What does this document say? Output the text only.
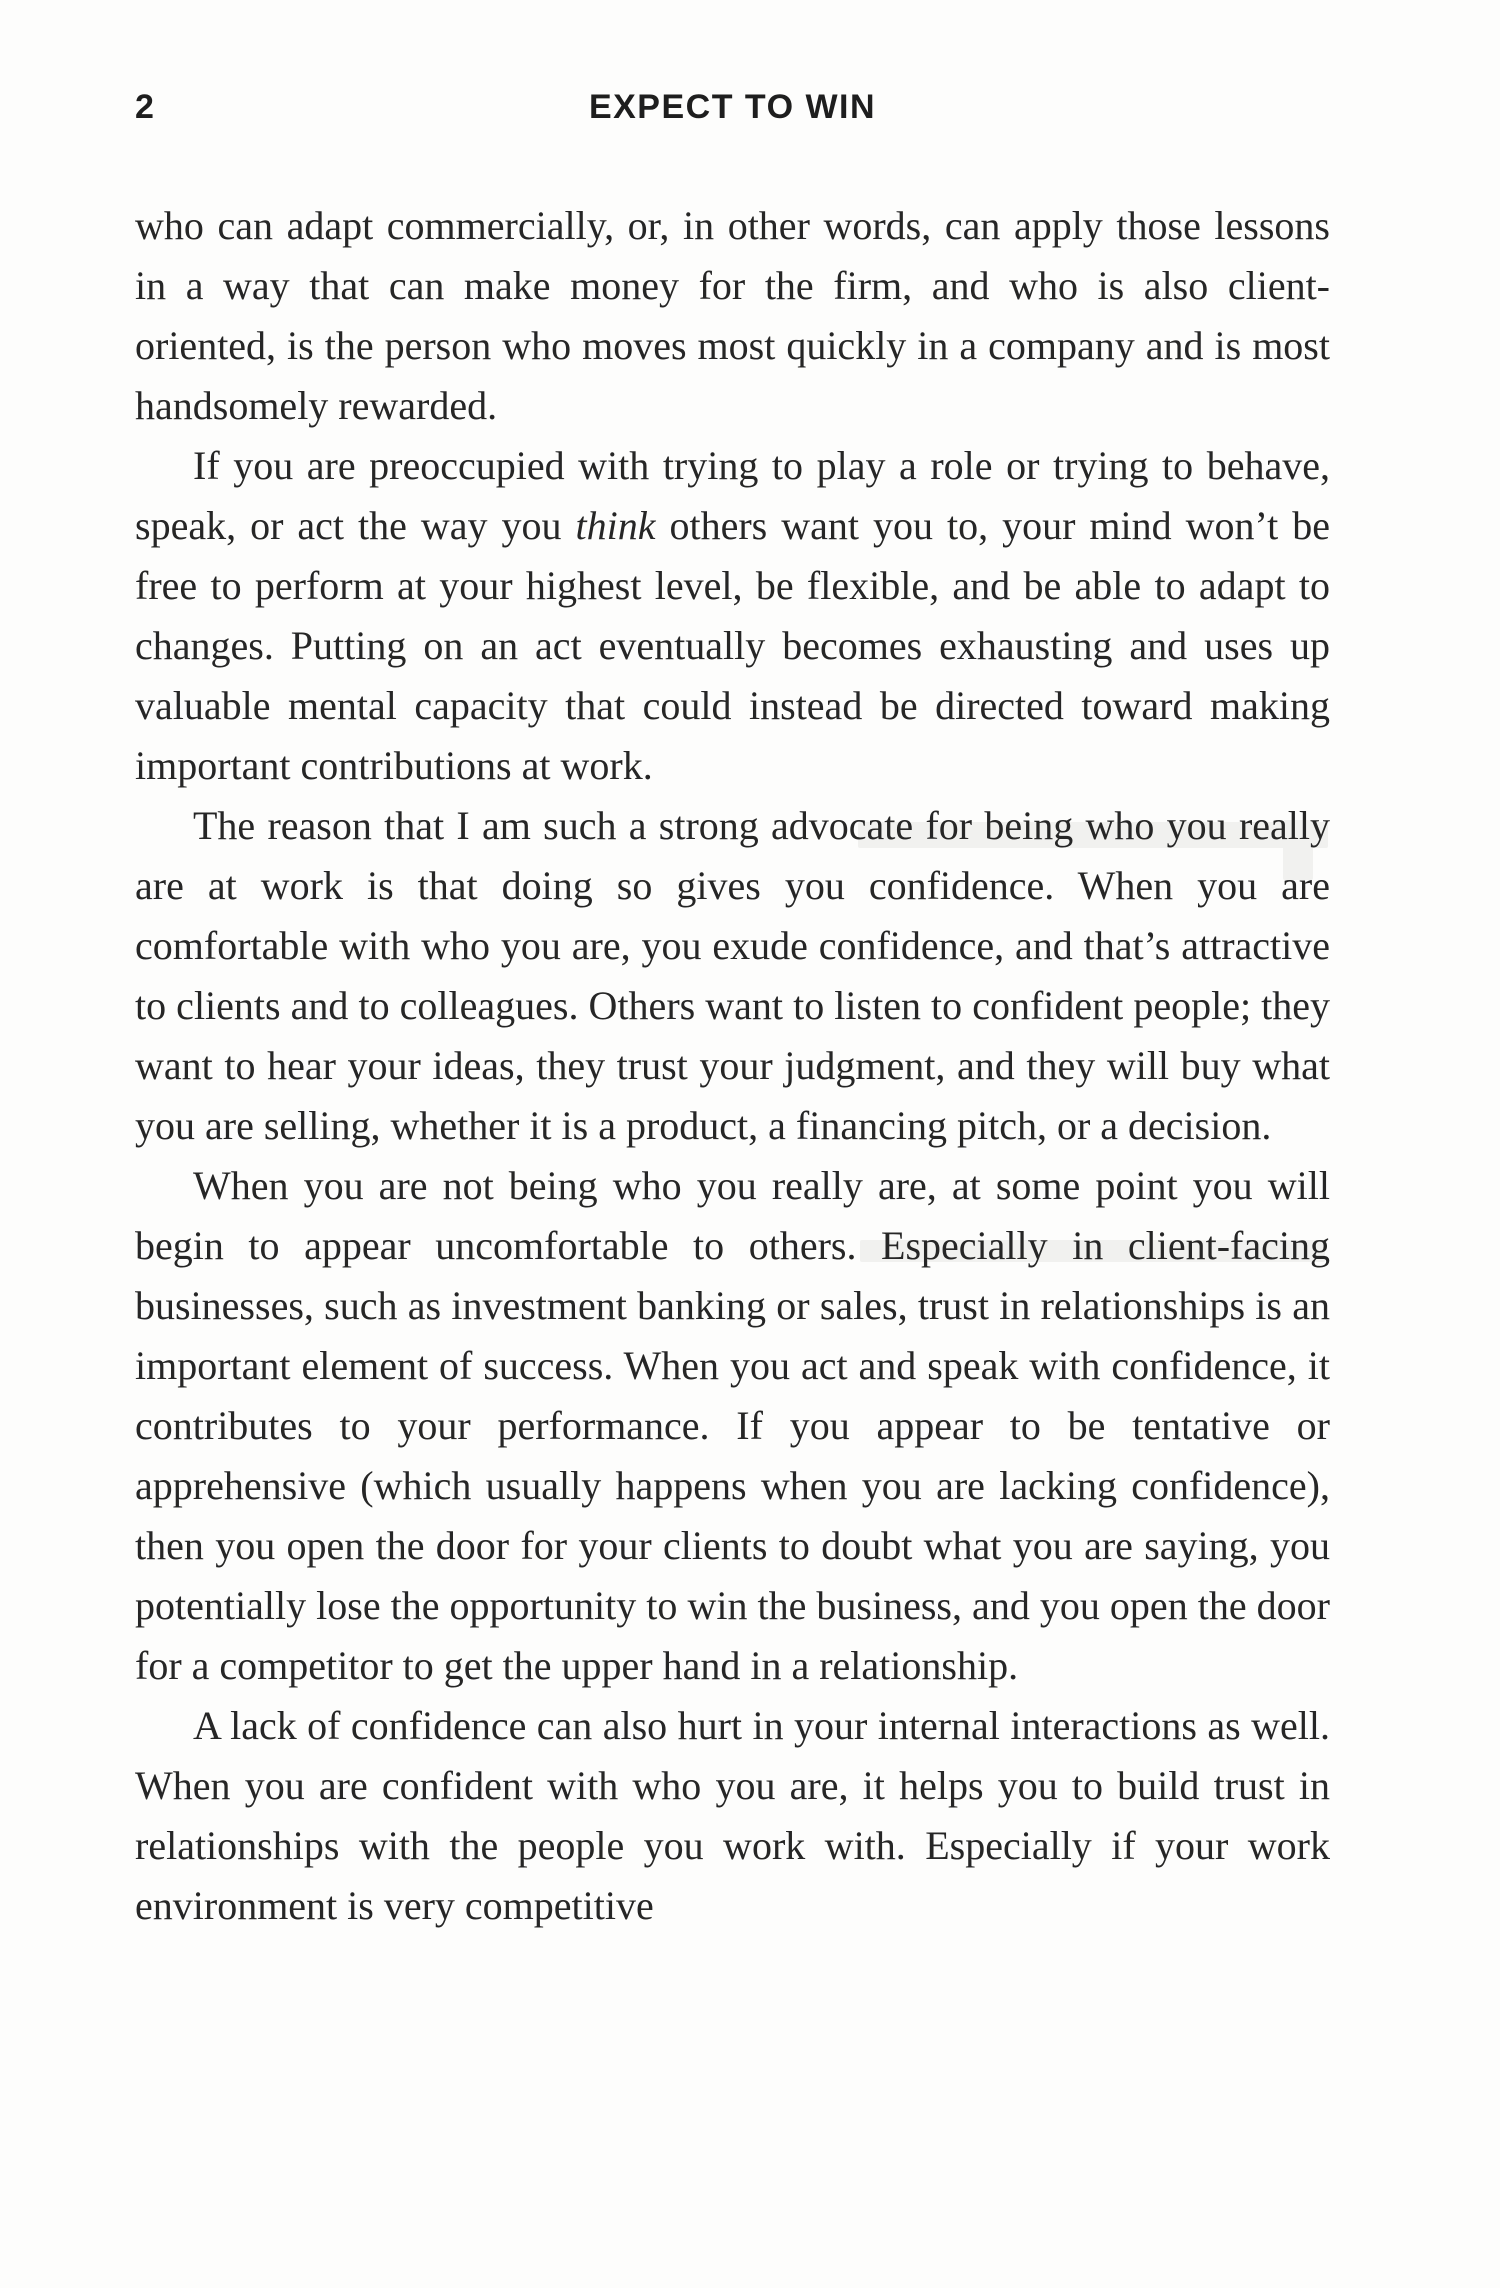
2	EXPECT TO WIN

who can adapt commercially, or, in other words, can apply those lessons in a way that can make money for the firm, and who is also client-oriented, is the person who moves most quickly in a company and is most handsomely rewarded.

If you are preoccupied with trying to play a role or trying to behave, speak, or act the way you think others want you to, your mind won’t be free to perform at your highest level, be flexible, and be able to adapt to changes. Putting on an act eventually becomes exhausting and uses up valuable mental capacity that could instead be directed toward making important contributions at work.

The reason that I am such a strong advocate for being who you really are at work is that doing so gives you confidence. When you are comfortable with who you are, you exude confidence, and that’s attractive to clients and to colleagues. Others want to listen to confident people; they want to hear your ideas, they trust your judgment, and they will buy what you are selling, whether it is a product, a financing pitch, or a decision.

When you are not being who you really are, at some point you will begin to appear uncomfortable to others. Especially in client-facing businesses, such as investment banking or sales, trust in relationships is an important element of success. When you act and speak with confidence, it contributes to your performance. If you appear to be tentative or apprehensive (which usually happens when you are lacking confidence), then you open the door for your clients to doubt what you are saying, you potentially lose the opportunity to win the business, and you open the door for a competitor to get the upper hand in a relationship.

A lack of confidence can also hurt in your internal interactions as well. When you are confident with who you are, it helps you to build trust in relationships with the people you work with. Especially if your work environment is very competitive
